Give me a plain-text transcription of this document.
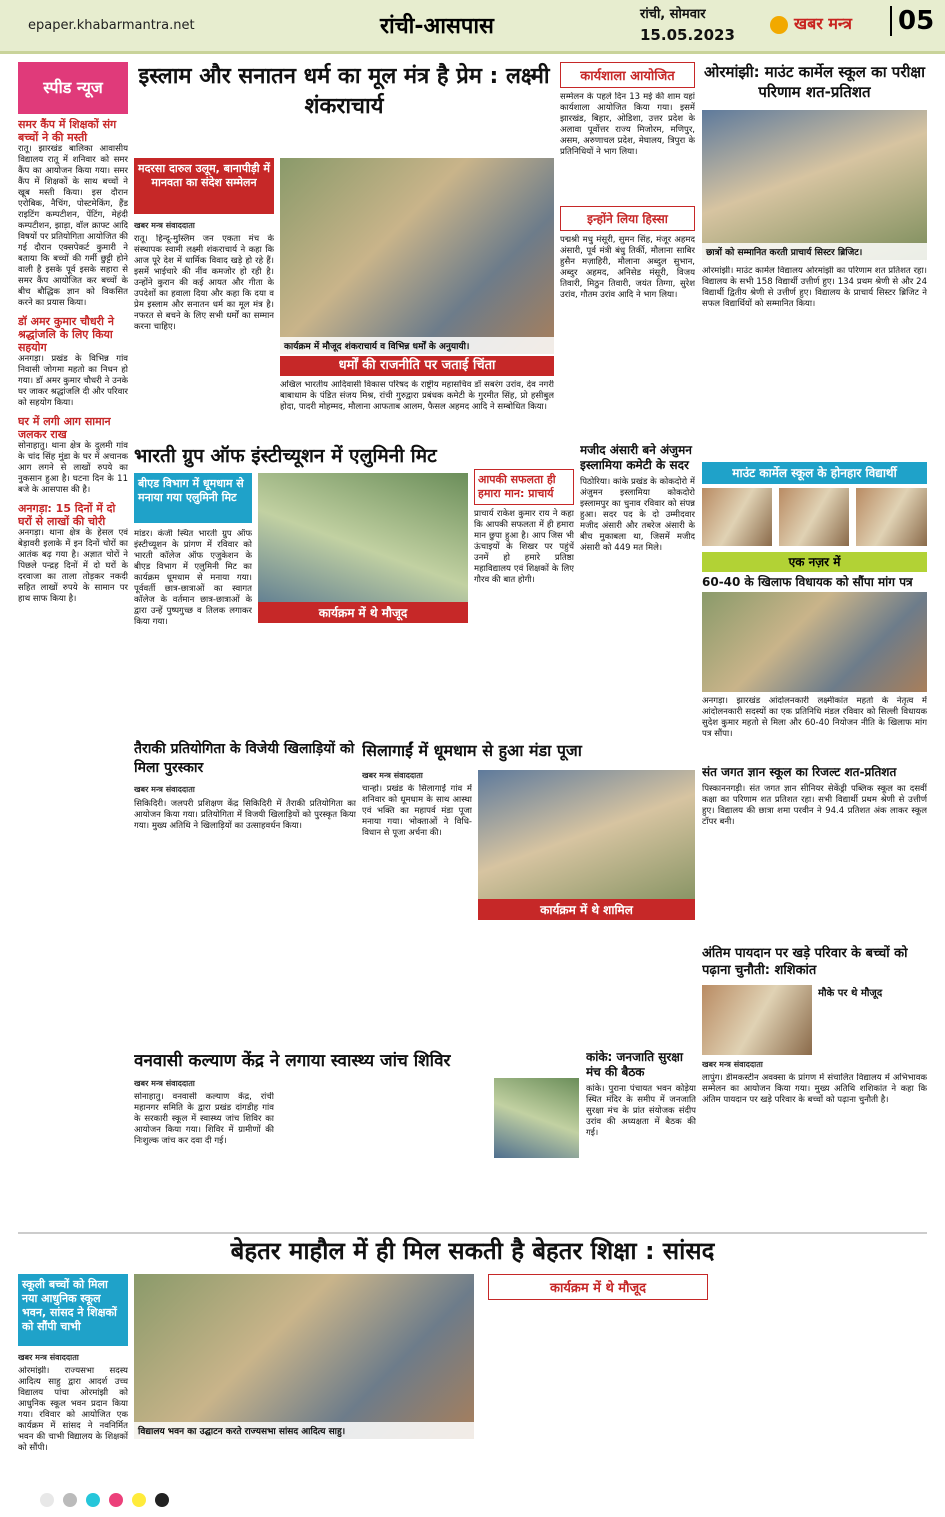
epaper.khabarmantra.net	रांची-आसपास	रांची, सोमवार
15.05.2023
खबर मन्त्र	05
स्पीड न्यूज
समर कैंप में शिक्षकों संग बच्चों ने की मस्ती
रातू। झारखंड बालिका आवासीय विद्यालय रातू में शनिवार को समर कैंप का आयोजन किया गया। समर कैंप में शिक्षकों के साथ बच्चों ने खूब मस्ती किया। इस दौरान एरोबिक, नैचिंग, पोस्टमेकिंग, हैंड राइटिंग कम्पटीशन, पेंटिंग, मेहंदी कम्पटीशन, झाड़ा, वॉल क्राफ्ट आदि विषयों पर प्रतियोगिता आयोजित की गई दौरान एक्सपेकर्ट कुमारी ने बताया कि बच्चों की गर्मी छुट्टी होने वाली है इसके पूर्व इसके सहारा से समर कैंप आयोजित कर बच्चों के बीच बौद्धिक ज्ञान को विकसित करने का प्रयास किया।
डॉ अमर कुमार चौधरी ने श्रद्धांजलि के लिए किया सहयोग
अनगड़ा। प्रखंड के विभिन्न गांव निवासी जोगमा महतो का निधन हो गया। डॉ अमर कुमार चौधरी ने उनके घर जाकर श्रद्धांजलि दी और परिवार को सहयोग किया।
घर में लगी आग सामान जलकर राख
सोनाहातु। थाना क्षेत्र के दुलमी गांव के चांद सिंह मुंडा के घर में अचानक आग लगने से लाखों रुपये का नुकसान हुआ है। घटना दिन के 11 बजे के आसपास की है।
अनगड़ा: 15 दिनों में दो घरों से लाखों की चोरी
अनगड़ा। थाना क्षेत्र के हेसल एवं बेड़ावरी इलाके में इन दिनों चोरों का आतंक बढ़ गया है। अज्ञात चोरों ने पिछले पन्द्रह दिनों में दो घरों के दरवाजा का ताला तोड़कर नकदी सहित लाखों रुपये के सामान पर हाथ साफ किया है।
इस्लाम और सनातन धर्म का मूल मंत्र है प्रेम : लक्ष्मी शंकराचार्य
मदरसा दारुल उलूम, बानापीड़ी में मानवता का संदेश सम्मेलन
खबर मन्त्र संवाददाता
रातू। हिन्दू-मुस्लिम जन एकता मंच के संस्थापक स्वामी लक्ष्मी शंकराचार्य ने कहा कि आज पूरे देश में धार्मिक विवाद खड़े हो रहे हैं। इसमें भाईचारे की नींव कमजोर हो रही है। उन्होंने कुरान की कई आयत और गीता के उपदेशों का हवाला दिया और कहा कि दया व प्रेम इस्लाम और सनातन धर्म का मूल मंत्र है। नफरत से बचने के लिए सभी धर्मों का सम्मान करना चाहिए।
कार्यक्रम में मौजूद शंकराचार्य व विभिन्न धर्मों के अनुयायी।
धर्मों की राजनीति पर जताई चिंता
अखिल भारतीय आदिवासी विकास परिषद के राष्ट्रीय महासचिव डॉ सबरंग उरांव, देव नगरी बाबाधाम के पंडित संजय मिश्र, रांची गुरुद्वारा प्रबंधक कमेटी के गुरमीत सिंह, प्रो हसीबुल होदा, पादरी मोहम्मद, मौलाना आफताब आलम, फैसल अहमद आदि ने सम्बोधित किया।
कार्यशाला आयोजित
सम्मेलन के पहले दिन 13 मई की शाम यहां कार्यशाला आयोजित किया गया। इसमें झारखंड, बिहार, ओडिशा, उत्तर प्रदेश के अलावा पूर्वोत्तर राज्य मिजोरम, मणिपुर, असम, अरुणाचल प्रदेश, मेघालय, त्रिपुरा के प्रतिनिधियों ने भाग लिया।
इन्होंने लिया हिस्सा
पद्मश्री मधु मंसूरी, सुमन सिंह, मंजूर अहमद अंसारी, पूर्व मंत्री बंधु तिर्की, मौलाना साबिर हुसैन मज़ाहिरी, मौलाना अब्दुल सुभान, अब्दुर अहमद, अनिसेड मंसूरी, विजय तिवारी, मिठुन तिवारी, जयंत तिग्गा, सुरेश उरांव, गौतम उरांव आदि ने भाग लिया।
ओरमांझी: माउंट कार्मेल स्कूल का परीक्षा परिणाम शत-प्रतिशत
छात्रों को सम्मानित करती प्राचार्य सिस्टर ब्रिजिट।
ओरमांझी। माउंट कार्मेल विद्यालय ओरमांझी का परिणाम शत प्रतिशत रहा। विद्यालय के सभी 158 विद्यार्थी उत्तीर्ण हुए। 134 प्रथम श्रेणी से और 24 विद्यार्थी द्वितीय श्रेणी से उत्तीर्ण हुए। विद्यालय के प्राचार्य सिस्टर ब्रिजिट ने सफल विद्यार्थियों को सम्मानित किया।
माउंट कार्मेल स्कूल के होनहार विद्यार्थी
भारती ग्रुप ऑफ इंस्टीच्यूशन में एलुमिनी मिट
बीएड विभाग में धूमधाम से मनाया गया एलुमिनी मिट
मांडर। कंजी स्थित भारती ग्रुप ऑफ इंस्टीच्यूशन के प्रांगण में रविवार को भारती कॉलेज ऑफ एजुकेशन के बीएड विभाग में एलुमिनी मिट का कार्यक्रम धूमधाम से मनाया गया। पूर्ववर्ती छात्र-छात्राओं का स्वागत कॉलेज के वर्तमान छात्र-छात्राओं के द्वारा उन्हें पुष्पगुच्छ व तिलक लगाकर किया गया।
कार्यक्रम में थे मौजूद
आपकी सफलता ही हमारा मान: प्राचार्य
प्राचार्य राकेश कुमार राय ने कहा कि आपकी सफलता में ही हमारा मान छुपा हुआ है। आप जिस भी ऊंचाइयों के शिखर पर पहुंचें उनमें हो हमारे प्रतिष्ठा महाविद्यालय एवं शिक्षकों के लिए गौरव की बात होगी।
मजीद अंसारी बने अंजुमन इस्लामिया कमेटी के सदर
पिठोरिया। कांके प्रखंड के कोकदोरो में अंजुमन इस्लामिया कोकदोरो इस्लामपुर का चुनाव रविवार को संपन्न हुआ। सदर पद के दो उम्मीदवार मजीद अंसारी और तबरेज अंसारी के बीच मुकाबला था, जिसमें मजीद अंसारी को 449 मत मिले।
एक नज़र में
60-40 के खिलाफ विधायक को सौंपा मांग पत्र
अनगड़ा। झारखंड आंदोलनकारी लक्ष्मीकांत महतो के नेतृत्व में आंदोलनकारी सदस्यों का एक प्रतिनिधि मंडल रविवार को सिल्ली विधायक सुदेश कुमार महतो से मिला और 60-40 नियोजन नीति के खिलाफ मांग पत्र सौंपा।
संत जगत ज्ञान स्कूल का रिजल्ट शत-प्रतिशत
पिस्काननगड़ी। संत जगत ज्ञान सीनियर सेकेंड्री पब्लिक स्कूल का दसवीं कक्षा का परिणाम शत प्रतिशत रहा। सभी विद्यार्थी प्रथम श्रेणी से उत्तीर्ण हुए। विद्यालय की छात्रा शमा परवीन ने 94.4 प्रतिशत अंक लाकर स्कूल टॉपर बनी।
तैराकी प्रतियोगिता के विजेयी खिलाड़ियों को मिला पुरस्कार
खबर मन्त्र संवाददाता
सिकिदिरी। जलपरी प्रशिक्षण केंद्र सिकिदिरी में तैराकी प्रतियोगिता का आयोजन किया गया। प्रतियोगिता में विजयी खिलाड़ियों को पुरस्कृत किया गया। मुख्य अतिथि ने खिलाड़ियों का उत्साहवर्धन किया।
सिलागाईं में धूमधाम से हुआ मंडा पूजा
खबर मन्त्र संवाददाता
चान्हो। प्रखंड के सिलागाईं गांव में शनिवार को धूमधाम के साथ आस्था एवं भक्ति का महापर्व मंडा पूजा मनाया गया। भोक्ताओं ने विधि-विधान से पूजा अर्चना की।
कार्यक्रम में थे शामिल
वनवासी कल्याण केंद्र ने लगाया स्वास्थ्य जांच शिविर
खबर मन्त्र संवाददाता
सोनाहातु। वनवासी कल्याण केंद्र, रांची महानगर समिति के द्वारा प्रखंड दांगडीह गांव के सरकारी स्कूल में स्वास्थ्य जांच शिविर का आयोजन किया गया। शिविर में ग्रामीणों की निःशुल्क जांच कर दवा दी गई।
कांके: जनजाति सुरक्षा मंच की बैठक
कांके। पुराना पंचायत भवन कोड़ेया स्थित मंदिर के समीप में जनजाति सुरक्षा मंच के प्रांत संयोजक संदीप उरांव की अध्यक्षता में बैठक की गई।
अंतिम पायदान पर खड़े परिवार के बच्चों को पढ़ाना चुनौती: शशिकांत
मौके पर थे मौजूद
खबर मन्त्र संवाददाता
लापुंग। डीमकस्टीन अवक्सा के प्रांगण में संचालित विद्यालय में अभिभावक सम्मेलन का आयोजन किया गया। मुख्य अतिथि शशिकांत ने कहा कि अंतिम पायदान पर खड़े परिवार के बच्चों को पढ़ाना चुनौती है।
बेहतर माहौल में ही मिल सकती है बेहतर शिक्षा : सांसद
स्कूली बच्चों को मिला नया आधुनिक स्कूल भवन, सांसद ने शिक्षकों को सौंपी चाभी
खबर मन्त्र संवाददाता
ओरमांझी। राज्यसभा सदस्य आदित्य साहु द्वारा आदर्श उच्च विद्यालय पांचा ओरमांझी को आधुनिक स्कूल भवन प्रदान किया गया। रविवार को आयोजित एक कार्यक्रम में सांसद ने नवनिर्मित भवन की चाभी विद्यालय के शिक्षकों को सौंपी।
विद्यालय भवन का उद्घाटन करते राज्यसभा सांसद आदित्य साहु।
कार्यक्रम में थे मौजूद
